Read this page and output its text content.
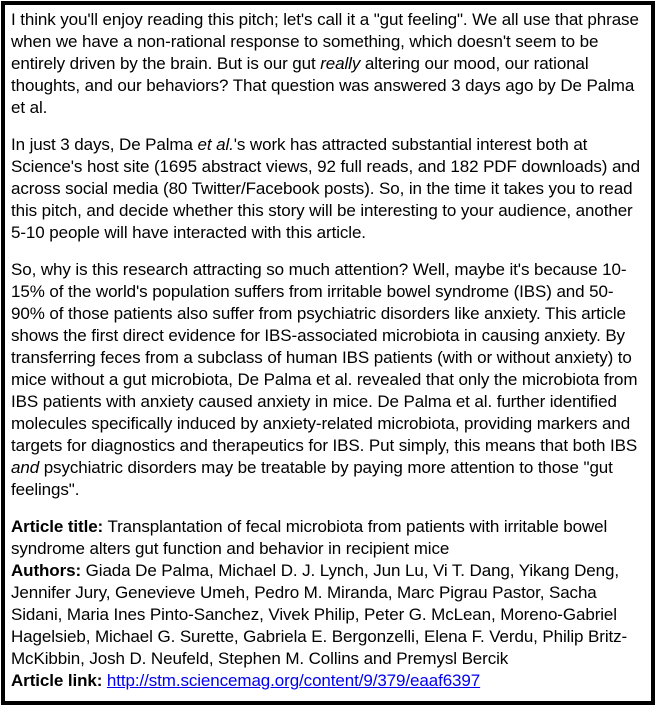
I think you'll enjoy reading this pitch; let's call it a "gut feeling". We all use that phrase when we have a non-rational response to something, which doesn't seem to be entirely driven by the brain. But is our gut really altering our mood, our rational thoughts, and our behaviors? That question was answered 3 days ago by De Palma et al.

In just 3 days, De Palma et al.'s work has attracted substantial interest both at Science's host site (1695 abstract views, 92 full reads, and 182 PDF downloads) and across social media (80 Twitter/Facebook posts). So, in the time it takes you to read this pitch, and decide whether this story will be interesting to your audience, another 5-10 people will have interacted with this article.

So, why is this research attracting so much attention? Well, maybe it's because 10-15% of the world's population suffers from irritable bowel syndrome (IBS) and 50-90% of those patients also suffer from psychiatric disorders like anxiety. This article shows the first direct evidence for IBS-associated microbiota in causing anxiety. By transferring feces from a subclass of human IBS patients (with or without anxiety) to mice without a gut microbiota, De Palma et al. revealed that only the microbiota from IBS patients with anxiety caused anxiety in mice. De Palma et al. further identified molecules specifically induced by anxiety-related microbiota, providing markers and targets for diagnostics and therapeutics for IBS. Put simply, this means that both IBS and psychiatric disorders may be treatable by paying more attention to those "gut feelings".

Article title: Transplantation of fecal microbiota from patients with irritable bowel syndrome alters gut function and behavior in recipient mice
Authors: Giada De Palma, Michael D. J. Lynch, Jun Lu, Vi T. Dang, Yikang Deng, Jennifer Jury, Genevieve Umeh, Pedro M. Miranda, Marc Pigrau Pastor, Sacha Sidani, Maria Ines Pinto-Sanchez, Vivek Philip, Peter G. McLean, Moreno-Gabriel Hagelsieb, Michael G. Surette, Gabriela E. Bergonzelli, Elena F. Verdu, Philip Britz-McKibbin, Josh D. Neufeld, Stephen M. Collins and Premysl Bercik
Article link: http://stm.sciencemag.org/content/9/379/eaaf6397
